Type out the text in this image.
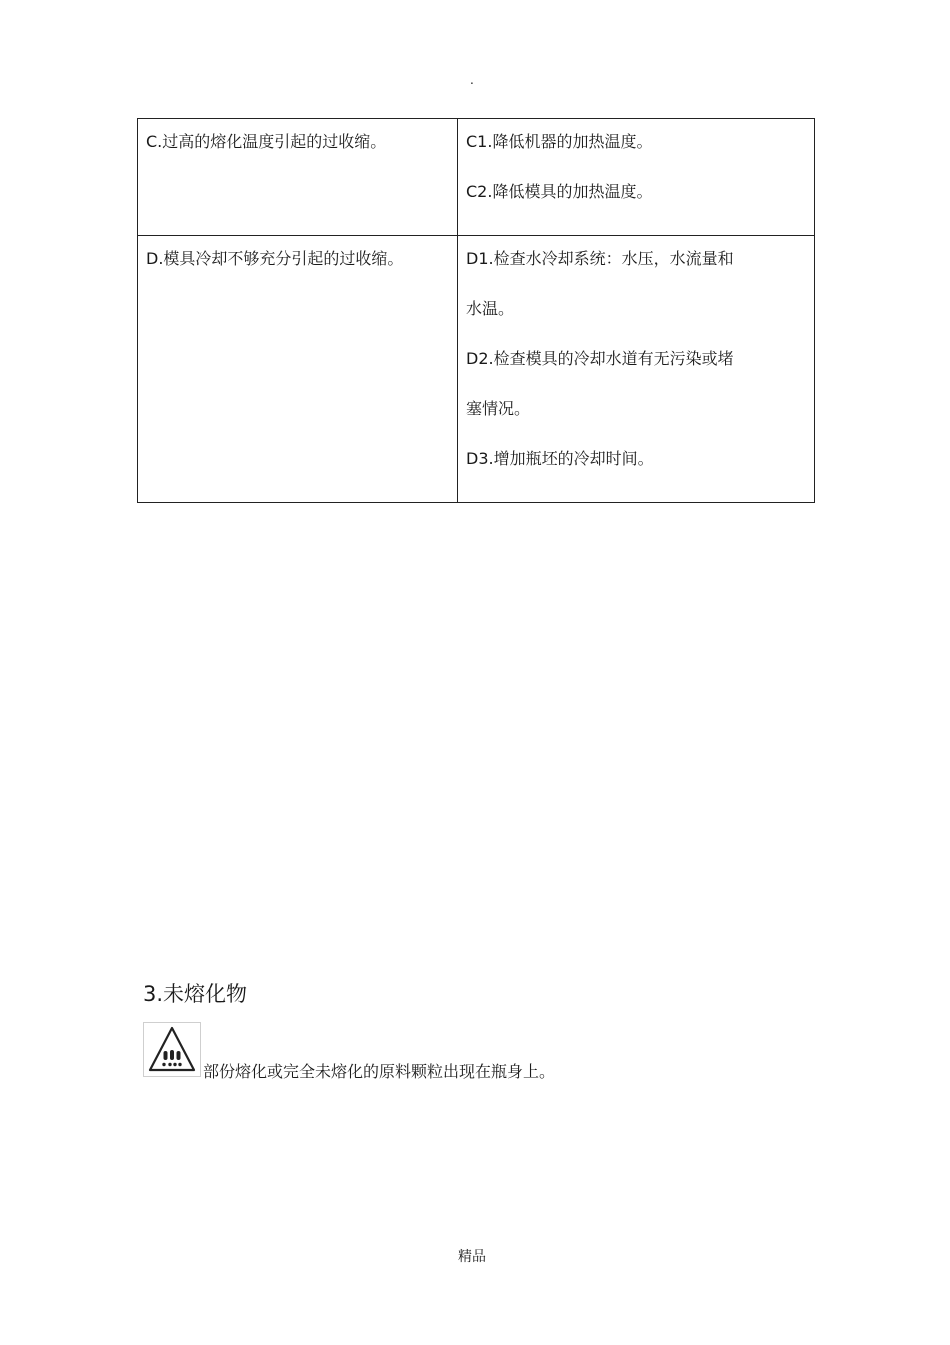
.
C.过高的熔化温度引起的过收缩。	C1.降低机器的加热温度。
C2.降低模具的加热温度。

D.模具冷却不够充分引起的过收缩。	D1.检查水冷却系统：水压，水流量和
水温。
D2.检查模具的冷却水道有无污染或堵
塞情况。
D3.增加瓶坯的冷却时间。
3.未熔化物
部份熔化或完全未熔化的原料颗粒出现在瓶身上。
精品
